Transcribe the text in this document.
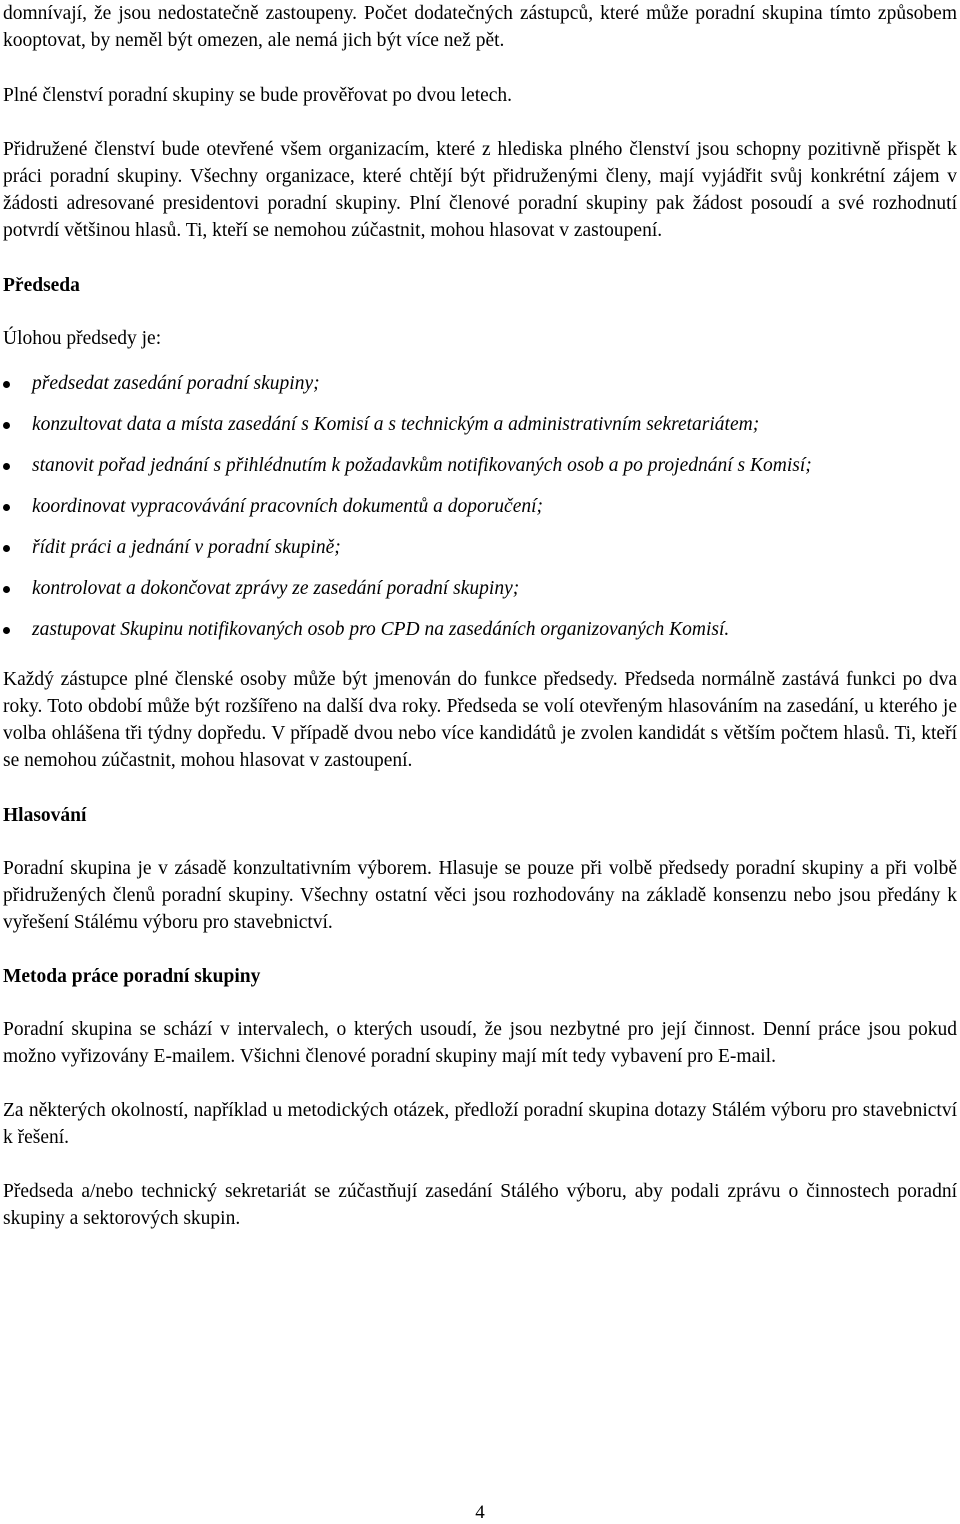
domnívají, že jsou nedostatečně zastoupeny. Počet dodatečných zástupců, které může poradní skupina tímto způsobem kooptovat, by neměl být omezen, ale nemá jich být více než pět.

Plné členství poradní skupiny se bude prověřovat po dvou letech.

Přidružené členství bude otevřené všem organizacím, které z hlediska plného členství jsou schopny pozitivně přispět k práci poradní skupiny. Všechny organizace, které chtějí být přidruženými členy, mají vyjádřit svůj konkrétní zájem v žádosti adresované presidentovi poradní skupiny. Plní členové poradní skupiny pak žádost posoudí a své rozhodnutí potvrdí většinou hlasů. Ti, kteří se nemohou zúčastnit, mohou hlasovat v zastoupení.

Předseda

Úlohou předsedy je:

předsedat zasedání poradní skupiny;
konzultovat data a místa zasedání s Komisí a s technickým a administrativním sekretariátem;
stanovit pořad jednání s přihlédnutím k požadavkům notifikovaných osob a po projednání s Komisí;
koordinovat vypracovávání pracovních dokumentů a doporučení;
řídit práci a jednání v poradní skupině;
kontrolovat a dokončovat zprávy ze zasedání poradní skupiny;
zastupovat Skupinu notifikovaných osob pro CPD na zasedáních organizovaných Komisí.

Každý zástupce plné členské osoby může být jmenován do funkce předsedy. Předseda normálně zastává funkci po dva roky. Toto období může být rozšířeno na další dva roky. Předseda se volí otevřeným hlasováním na zasedání, u kterého je volba ohlášena tři týdny dopředu. V případě dvou nebo více kandidátů je zvolen kandidát s větším počtem hlasů. Ti, kteří se nemohou zúčastnit, mohou hlasovat v zastoupení.

Hlasování

Poradní skupina je v zásadě konzultativním výborem. Hlasuje se pouze při volbě předsedy poradní skupiny a při volbě přidružených členů poradní skupiny. Všechny ostatní věci jsou rozhodovány na základě konsenzu nebo jsou předány k vyřešení Stálému výboru pro stavebnictví.

Metoda práce poradní skupiny

Poradní skupina se schází v intervalech, o kterých usoudí, že jsou nezbytné pro její činnost. Denní práce jsou pokud možno vyřizovány E-mailem. Všichni členové poradní skupiny mají mít tedy vybavení pro E-mail.

Za některých okolností, například u metodických otázek, předloží poradní skupina dotazy Stálém výboru pro stavebnictví k řešení.

Předseda a/nebo technický sekretariát se zúčastňují zasedání Stálého výboru, aby podali zprávu o činnostech poradní skupiny a sektorových skupin.

4
